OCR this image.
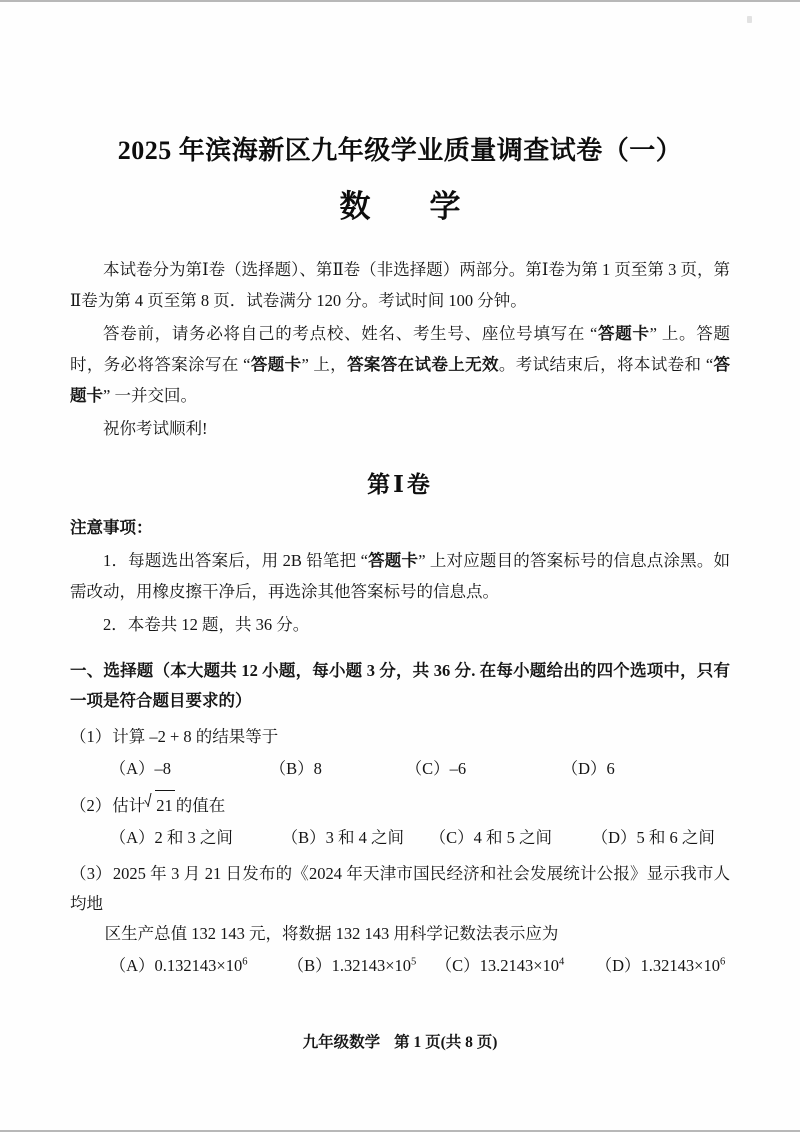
2025 年滨海新区九年级学业质量调查试卷（一）
数　学

本试卷分为第Ⅰ卷（选择题）、第Ⅱ卷（非选择题）两部分。第Ⅰ卷为第 1 页至第 3 页，第Ⅱ卷为第 4 页至第 8 页．试卷满分 120 分。考试时间 100 分钟。

答卷前，请务必将自己的考点校、姓名、考生号、座位号填写在 “答题卡” 上。答题时，务必将答案涂写在 “答题卡” 上，答案答在试卷上无效。考试结束后，将本试卷和 “答题卡” 一并交回。

祝你考试顺利!

第Ⅰ卷

注意事项：

1．每题选出答案后，用 2B 铅笔把 “答题卡” 上对应题目的答案标号的信息点涂黑。如需改动，用橡皮擦干净后，再选涂其他答案标号的信息点。

2．本卷共 12 题，共 36 分。

一、选择题（本大题共 12 小题，每小题 3 分，共 36 分. 在每小题给出的四个选项中，只有一项是符合题目要求的）

（1）计算 –2 + 8 的结果等于

（A）–8	（B）8	（C）–6	（D）6

（2）估计 21 的值在

（A）2 和 3 之间	（B）3 和 4 之间	（C）4 和 5 之间	（D）5 和 6 之间

（3）2025 年 3 月 21 日发布的《2024 年天津市国民经济和社会发展统计公报》显示我市人均地

区生产总值 132 143 元，将数据 132 143 用科学记数法表示应为

$(A)0.132143\times 10^6$	$(B)1.32143\times 10^5$	$(C)13.2143\times 10^4$	$(D)1.32143\times 10^6$
九年级数学 第 1 页(共 8 页)
